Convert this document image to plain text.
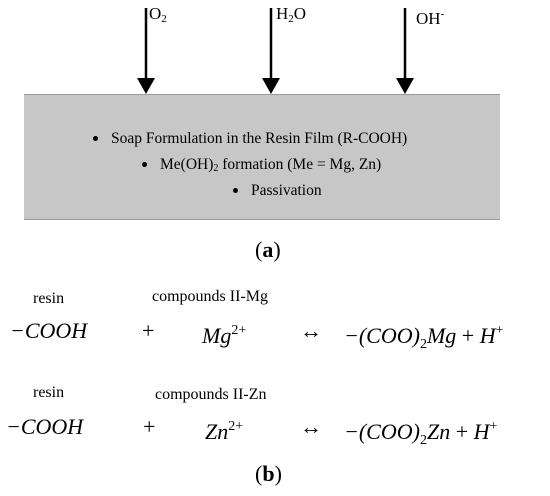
$O_2$	$H_2O$	OH-
Soap Formulation in the Resin Film (R-COOH)
$Me(OH)_2$ formation (Me = Mg, Zn)
Passivation
(a)
resin	compounds II-Mg
−COOH + $Mg^{2+}$ ↔ $-(COO)_2Mg + H^+$
resin	compounds II-Zn
−COOH	+ $Zn^{2+}$	↔ $-(COO)_2Zn + H^+$
(b)
